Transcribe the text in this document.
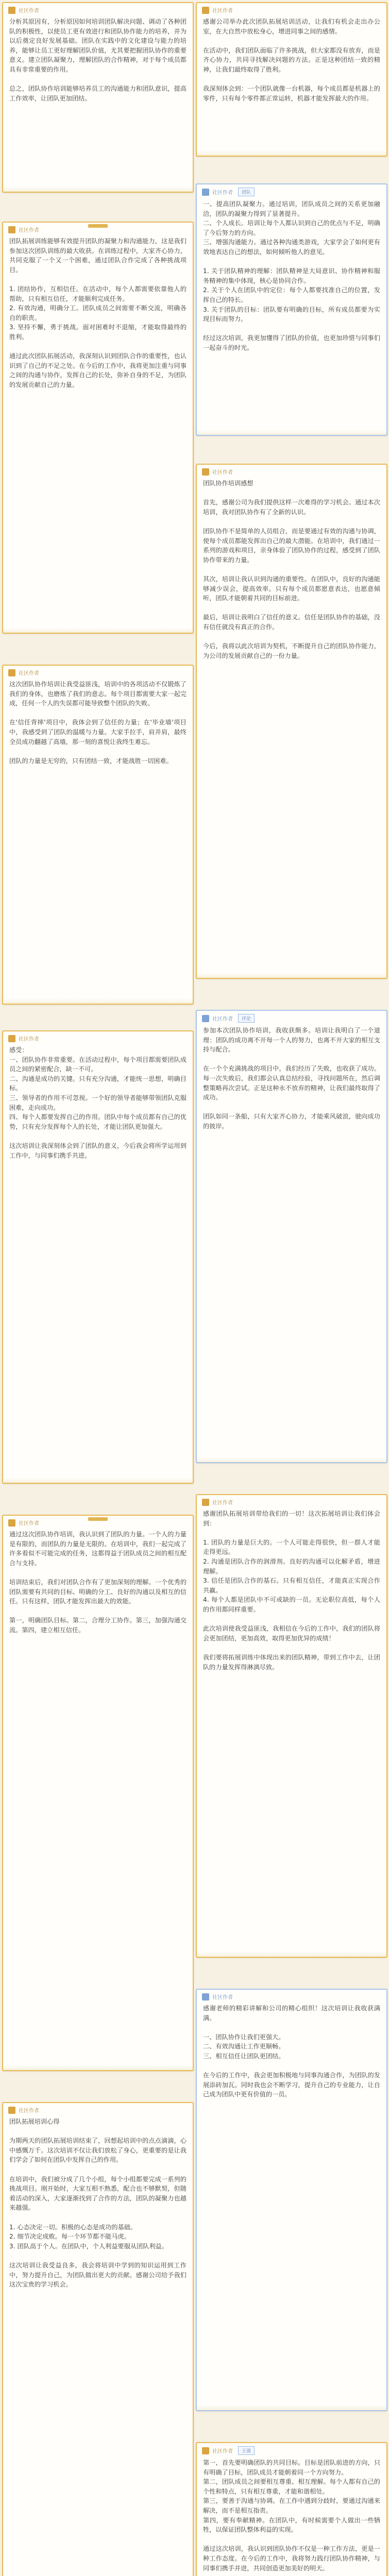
社区作者
分析其原因有，分析原因如何培训团队解决问题、调动了各种团队的积极性，以使员工更有效进行和团队协作能力的培养，并为以后奠定良好发展基础。团队在实践中的文化建设与能力的培养，能够让员工更好理解团队价值，尤其要把握团队协作的重要意义。建立团队凝聚力，理解团队的合作精神，对于每个成员都具有非常重要的作用。

总之，团队协作培训能够培养员工的沟通能力和团队意识，提高工作效率，让团队更加团结。
社区作者
团队拓展训练能够有效提升团队的凝聚力和沟通能力，这是我们参加这次团队训练的最大收获。在训练过程中，大家齐心协力，共同克服了一个又一个困难，通过团队合作完成了各种挑战项目。

1. 团结协作，互相信任。在活动中，每个人都需要依靠他人的帮助，只有相互信任，才能顺利完成任务。
2. 有效沟通，明确分工。团队成员之间需要不断交流，明确各自的职责。
3. 坚持不懈，勇于挑战。面对困难时不退缩，才能取得最终的胜利。

通过此次团队拓展活动，我深刻认识到团队合作的重要性，也认识到了自己的不足之处。在今后的工作中，我将更加注重与同事之间的沟通与协作，发挥自己的长处，弥补自身的不足，为团队的发展贡献自己的力量。
社区作者
这次团队协作培训让我受益匪浅，培训中的各项活动不仅锻炼了我们的身体，也磨炼了我们的意志。每个项目都需要大家一起完成，任何一个人的失误都可能导致整个团队的失败。

在'信任背摔'项目中，我体会到了信任的力量；在'毕业墙'项目中，我感受到了团队的温暖与力量。大家手拉手，肩并肩，最终全员成功翻越了高墙，那一刻的喜悦让我终生难忘。

团队的力量是无穷的，只有团结一致，才能战胜一切困难。
社区作者
感受：
一、团队协作非常重要。在活动过程中，每个项目都需要团队成员之间的紧密配合，缺一不可。
二、沟通是成功的关键。只有充分沟通，才能统一思想，明确目标。
三、领导者的作用不可忽视。一个好的领导者能够带领团队克服困难，走向成功。
四、每个人都要发挥自己的作用。团队中每个成员都有自己的优势，只有充分发挥每个人的长处，才能让团队更加强大。

这次培训让我深刻体会到了团队的意义，今后我会将所学运用到工作中，与同事们携手共进。
社区作者
通过这次团队协作培训，我认识到了团队的力量。一个人的力量是有限的，而团队的力量是无限的。在培训中，我们一起完成了许多看似不可能完成的任务，这都得益于团队成员之间的相互配合与支持。

培训结束后，我们对团队合作有了更加深刻的理解。一个优秀的团队需要有共同的目标、明确的分工、良好的沟通以及相互的信任。只有这样，团队才能发挥出最大的效能。

第一，明确团队目标。第二，合理分工协作。第三，加强沟通交流。第四，建立相互信任。
社区作者
团队拓展培训心得

为期两天的团队拓展培训结束了，回想起培训中的点点滴滴，心中感慨万千。这次培训不仅让我们放松了身心，更重要的是让我们学会了如何在团队中发挥自己的作用。

在培训中，我们被分成了几个小组，每个小组都要完成一系列的挑战项目。刚开始时，大家互相不熟悉，配合也不够默契，但随着活动的深入，大家逐渐找到了合作的方法，团队的凝聚力也越来越强。

1. 心态决定一切。积极的心态是成功的基础。
2. 细节决定成败。每一个环节都不能马虎。
3. 团队高于个人。在团队中，个人利益要服从团队利益。

这次培训让我受益良多，我会将培训中学到的知识运用到工作中，努力提升自己，为团队做出更大的贡献。感谢公司给予我们这次宝贵的学习机会。
社区作者
感谢公司举办此次团队拓展培训活动，让我们有机会走出办公室，在大自然中放松身心，增进同事之间的感情。

在活动中，我们团队面临了许多挑战，但大家都没有放弃，而是齐心协力，共同寻找解决问题的方法。正是这种团结一致的精神，让我们最终取得了胜利。

我深刻体会到：一个团队就像一台机器，每个成员都是机器上的零件，只有每个零件都正常运转，机器才能发挥最大的作用。
社区作者	团队
一、提高团队凝聚力。通过培训，团队成员之间的关系更加融洽，团队的凝聚力得到了显著提升。
二、个人成长。培训让每个人都认识到自己的优点与不足，明确了今后努力的方向。
三、增强沟通能力。通过各种沟通类游戏，大家学会了如何更有效地表达自己的想法，如何倾听他人的意见。

1. 关于团队精神的理解：团队精神是大局意识、协作精神和服务精神的集中体现，核心是协同合作。
2. 关于个人在团队中的定位：每个人都要找准自己的位置，发挥自己的特长。
3. 关于团队的目标：团队要有明确的目标，所有成员都要为实现目标而努力。

经过这次培训，我更加懂得了团队的价值，也更加珍惜与同事们一起奋斗的时光。
社区作者
团队协作培训感想

首先，感谢公司为我们提供这样一次难得的学习机会。通过本次培训，我对团队协作有了全新的认识。

团队协作不是简单的人员组合，而是要通过有效的沟通与协调，使每个成员都能发挥出自己的最大潜能。在培训中，我们通过一系列的游戏和项目，亲身体验了团队协作的过程，感受到了团队协作带来的力量。

其次，培训让我认识到沟通的重要性。在团队中，良好的沟通能够减少误会，提高效率。只有每个成员都愿意表达，也愿意倾听，团队才能朝着共同的目标前进。

最后，培训让我明白了信任的意义。信任是团队协作的基础，没有信任就没有真正的合作。

今后，我将以此次培训为契机，不断提升自己的团队协作能力，为公司的发展贡献自己的一份力量。
社区作者	评论
参加本次团队协作培训，我收获颇多。培训让我明白了一个道理：团队的成功离不开每一个人的努力，也离不开大家的相互支持与配合。

在一个个充满挑战的项目中，我们经历了失败，也收获了成功。每一次失败后，我们都会认真总结经验，寻找问题所在，然后调整策略再次尝试。正是这种永不放弃的精神，让我们最终取得了成功。

团队如同一条船，只有大家齐心协力，才能乘风破浪，驶向成功的彼岸。
社区作者
感谢团队拓展培训带给我们的一切！这次拓展培训让我们体会到：

1. 团队的力量是巨大的。一个人可能走得很快，但一群人才能走得更远。
2. 沟通是团队合作的润滑剂。良好的沟通可以化解矛盾，增进理解。
3. 信任是团队合作的基石。只有相互信任，才能真正实现合作共赢。
4. 每个人都是团队中不可或缺的一员。无论职位高低，每个人的作用都同样重要。

此次培训使我受益匪浅，我相信在今后的工作中，我们的团队将会更加团结，更加高效，取得更加优异的成绩！

我们要将拓展训练中体现出来的团队精神，带到工作中去，让团队的力量发挥得淋漓尽致。
社区作者
感谢老师的精彩讲解和公司的精心组织！这次培训让我收获满满。

一、团队协作让我们更强大。
二、有效沟通让工作更顺畅。
三、相互信任让团队更团结。

在今后的工作中，我会更加积极地与同事沟通合作，为团队的发展添砖加瓦。同时我也会不断学习，提升自己的专业能力，让自己成为团队中更有价值的一员。
社区作者	王强
第一，首先要明确团队的共同目标。目标是团队前进的方向，只有明确了目标，团队成员才能朝着同一个方向努力。
第二，团队成员之间要相互尊重、相互理解。每个人都有自己的个性和特点，只有相互尊重，才能和谐相处。
第三，要善于沟通与协调。在工作中遇到分歧时，要通过沟通来解决，而不是相互指责。
第四，要有奉献精神。在团队中，有时候需要个人做出一些牺牲，以保证团队整体利益的实现。

通过这次培训，我认识到团队协作不仅是一种工作方法，更是一种工作态度。在今后的工作中，我将努力践行团队协作精神，与同事们携手并进，共同创造更加美好的明天。
